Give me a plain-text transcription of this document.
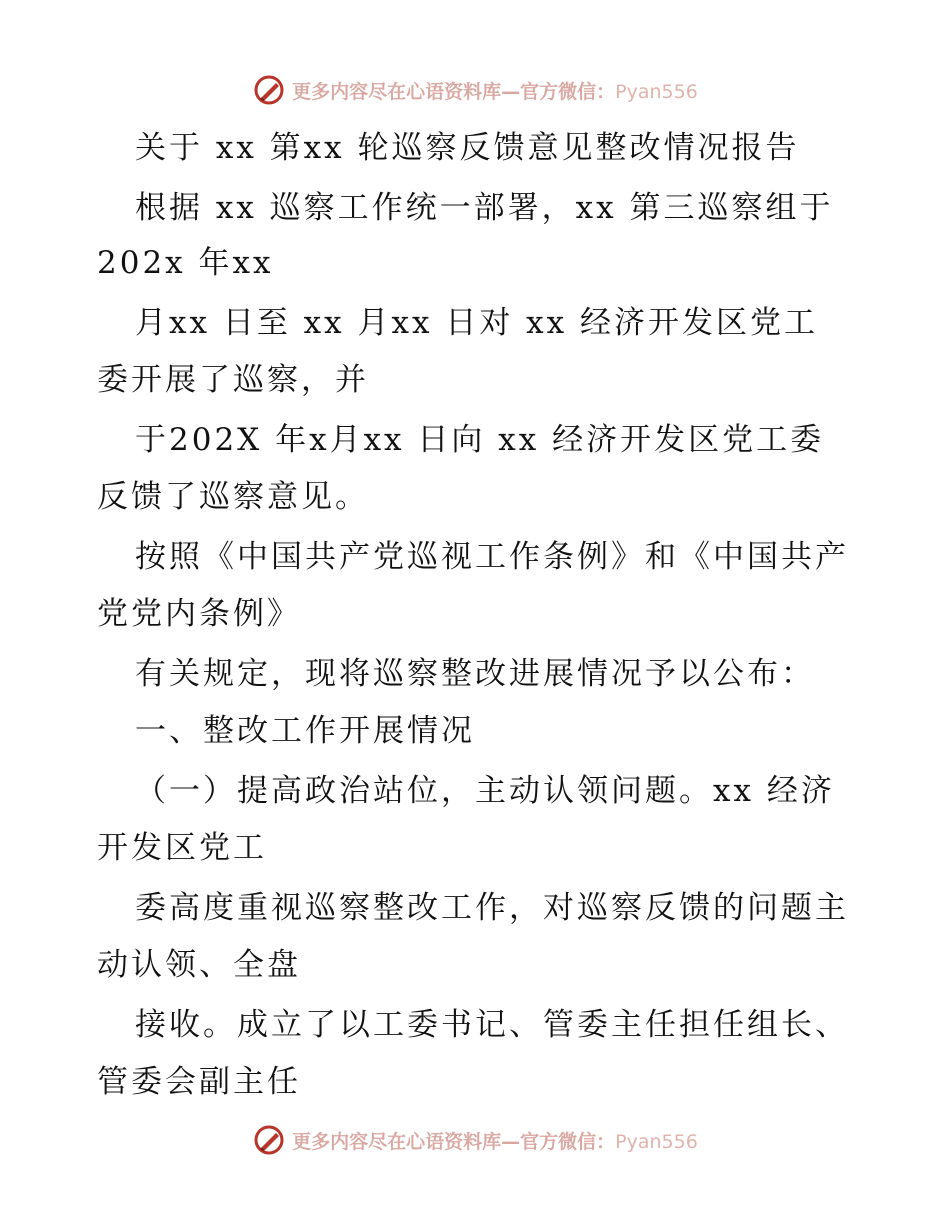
更多内容尽在心语资料库—官方微信：Pyan556
关于 xx 第xx 轮巡察反馈意见整改情况报告
根据 xx 巡察工作统一部署，xx 第三巡察组于
202x 年xx
月xx 日至 xx 月xx 日对 xx 经济开发区党工
委开展了巡察，并
于202X 年x月xx 日向 xx 经济开发区党工委
反馈了巡察意见。
按照《中国共产党巡视工作条例》和《中国共产
党党内条例》
有关规定，现将巡察整改进展情况予以公布：
一、整改工作开展情况
（一）提高政治站位，主动认领问题。xx 经济
开发区党工
委高度重视巡察整改工作，对巡察反馈的问题主
动认领、全盘
接收。成立了以工委书记、管委主任担任组长、
管委会副主任
更多内容尽在心语资料库—官方微信：Pyan556
